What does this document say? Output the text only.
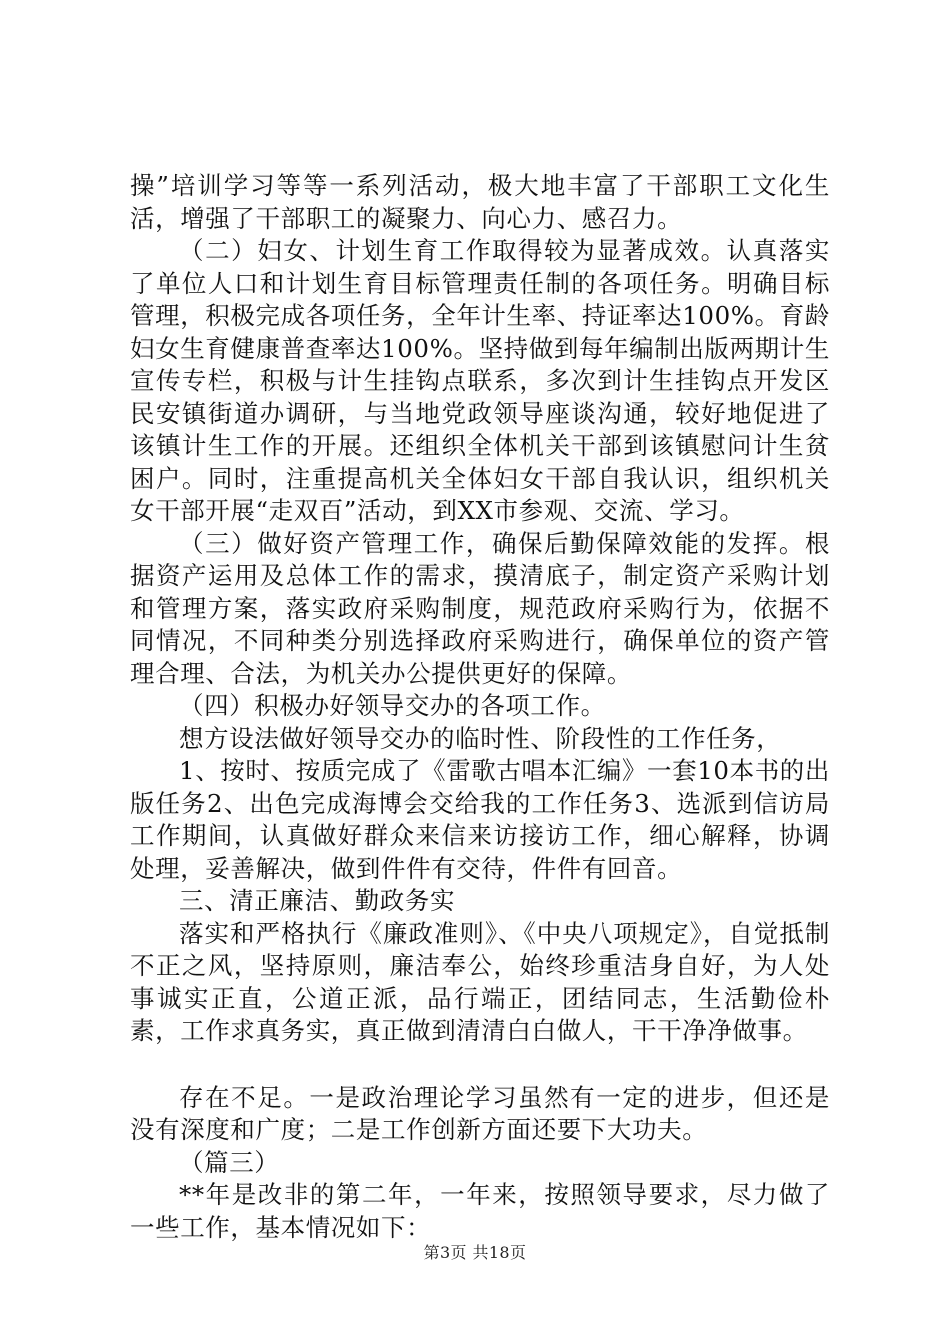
操”培训学习等等一系列活动，极大地丰富了干部职工文化生活，增强了干部职工的凝聚力、向心力、感召力。

（二）妇女、计划生育工作取得较为显著成效。认真落实了单位人口和计划生育目标管理责任制的各项任务。明确目标管理，积极完成各项任务，全年计生率、持证率达100%。育龄妇女生育健康普查率达100%。坚持做到每年编制出版两期计生宣传专栏，积极与计生挂钩点联系，多次到计生挂钩点开发区民安镇街道办调研，与当地党政领导座谈沟通，较好地促进了该镇计生工作的开展。还组织全体机关干部到该镇慰问计生贫困户。同时，注重提高机关全体妇女干部自我认识，组织机关女干部开展“走双百”活动，到XX市参观、交流、学习。

（三）做好资产管理工作，确保后勤保障效能的发挥。根据资产运用及总体工作的需求，摸清底子，制定资产采购计划和管理方案，落实政府采购制度，规范政府采购行为，依据不同情况，不同种类分别选择政府采购进行，确保单位的资产管理合理、合法，为机关办公提供更好的保障。

（四）积极办好领导交办的各项工作。

想方设法做好领导交办的临时性、阶段性的工作任务，

1、按时、按质完成了《雷歌古唱本汇编》一套10本书的出版任务2、出色完成海博会交给我的工作任务3、选派到信访局工作期间，认真做好群众来信来访接访工作，细心解释，协调处理，妥善解决，做到件件有交待，件件有回音。

三、清正廉洁、勤政务实

落实和严格执行《廉政准则》、《中央八项规定》，自觉抵制不正之风，坚持原则，廉洁奉公，始终珍重洁身自好，为人处事诚实正直，公道正派，品行端正，团结同志，生活勤俭朴素，工作求真务实，真正做到清清白白做人，干干净净做事。

存在不足。一是政治理论学习虽然有一定的进步，但还是没有深度和广度；二是工作创新方面还要下大功夫。

（篇三）

**年是改非的第二年，一年来，按照领导要求，尽力做了一些工作，基本情况如下：

第3页 共18页
